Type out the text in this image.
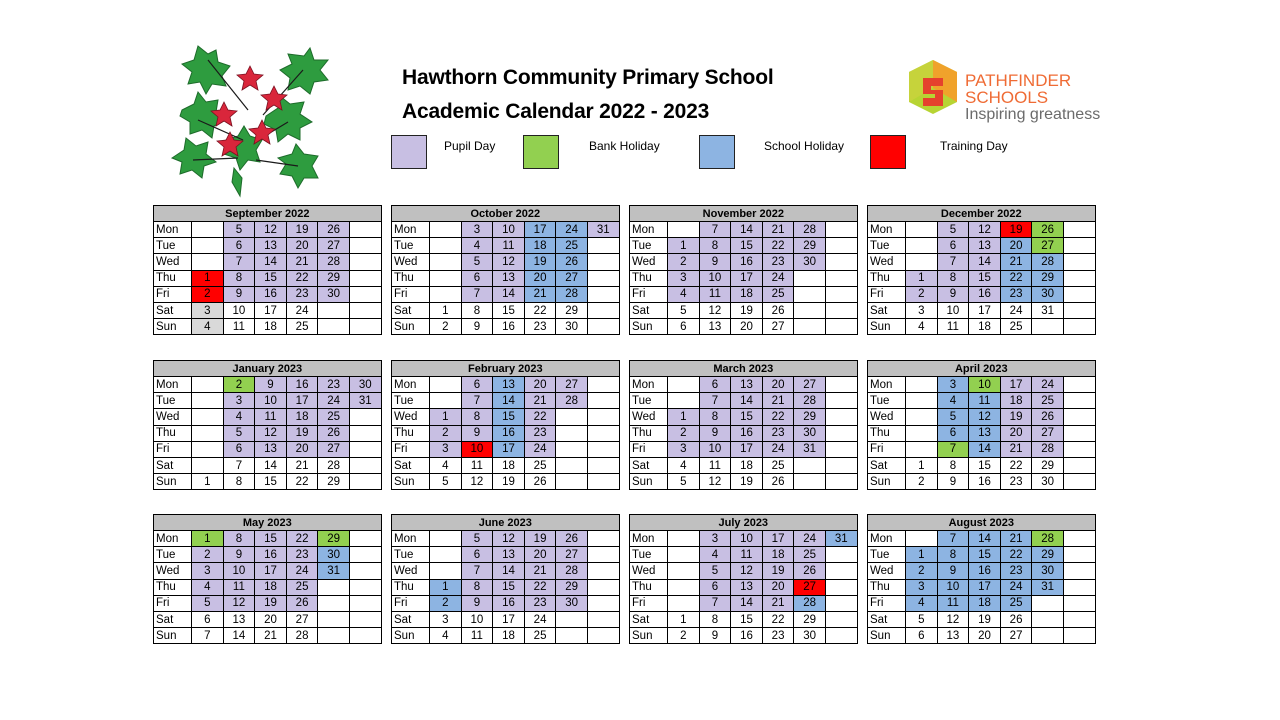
Hawthorn Community Primary School
Academic Calendar 2022 - 2023
Pupil Day	Bank Holiday	School Holiday	Training Day
PATHFINDER
SCHOOLS
Inspiring greatness
September 2022						
Mon		5	12	19	26	
Tue		6	13	20	27	
Wed		7	14	21	28	
Thu	1	8	15	22	29	
Fri	2	9	16	23	30	
Sat	3	10	17	24		
Sun	4	11	18	25		
October 2022						
Mon		3	10	17	24	31
Tue		4	11	18	25	
Wed		5	12	19	26	
Thu		6	13	20	27	
Fri		7	14	21	28	
Sat	1	8	15	22	29	
Sun	2	9	16	23	30	
November 2022						
Mon		7	14	21	28	
Tue	1	8	15	22	29	
Wed	2	9	16	23	30	
Thu	3	10	17	24		
Fri	4	11	18	25		
Sat	5	12	19	26		
Sun	6	13	20	27		
December 2022						
Mon		5	12	19	26	
Tue		6	13	20	27	
Wed		7	14	21	28	
Thu	1	8	15	22	29	
Fri	2	9	16	23	30	
Sat	3	10	17	24	31	
Sun	4	11	18	25		
January 2023						
Mon		2	9	16	23	30
Tue		3	10	17	24	31
Wed		4	11	18	25	
Thu		5	12	19	26	
Fri		6	13	20	27	
Sat		7	14	21	28	
Sun	1	8	15	22	29	
February 2023						
Mon		6	13	20	27	
Tue		7	14	21	28	
Wed	1	8	15	22		
Thu	2	9	16	23		
Fri	3	10	17	24		
Sat	4	11	18	25		
Sun	5	12	19	26		
March 2023						
Mon		6	13	20	27	
Tue		7	14	21	28	
Wed	1	8	15	22	29	
Thu	2	9	16	23	30	
Fri	3	10	17	24	31	
Sat	4	11	18	25		
Sun	5	12	19	26		
April 2023						
Mon		3	10	17	24	
Tue		4	11	18	25	
Wed		5	12	19	26	
Thu		6	13	20	27	
Fri		7	14	21	28	
Sat	1	8	15	22	29	
Sun	2	9	16	23	30	
May 2023						
Mon	1	8	15	22	29	
Tue	2	9	16	23	30	
Wed	3	10	17	24	31	
Thu	4	11	18	25		
Fri	5	12	19	26		
Sat	6	13	20	27		
Sun	7	14	21	28		
June 2023						
Mon		5	12	19	26	
Tue		6	13	20	27	
Wed		7	14	21	28	
Thu	1	8	15	22	29	
Fri	2	9	16	23	30	
Sat	3	10	17	24		
Sun	4	11	18	25		
July 2023						
Mon		3	10	17	24	31
Tue		4	11	18	25	
Wed		5	12	19	26	
Thu		6	13	20	27	
Fri		7	14	21	28	
Sat	1	8	15	22	29	
Sun	2	9	16	23	30	
August 2023						
Mon		7	14	21	28	
Tue	1	8	15	22	29	
Wed	2	9	16	23	30	
Thu	3	10	17	24	31	
Fri	4	11	18	25		
Sat	5	12	19	26		
Sun	6	13	20	27		
